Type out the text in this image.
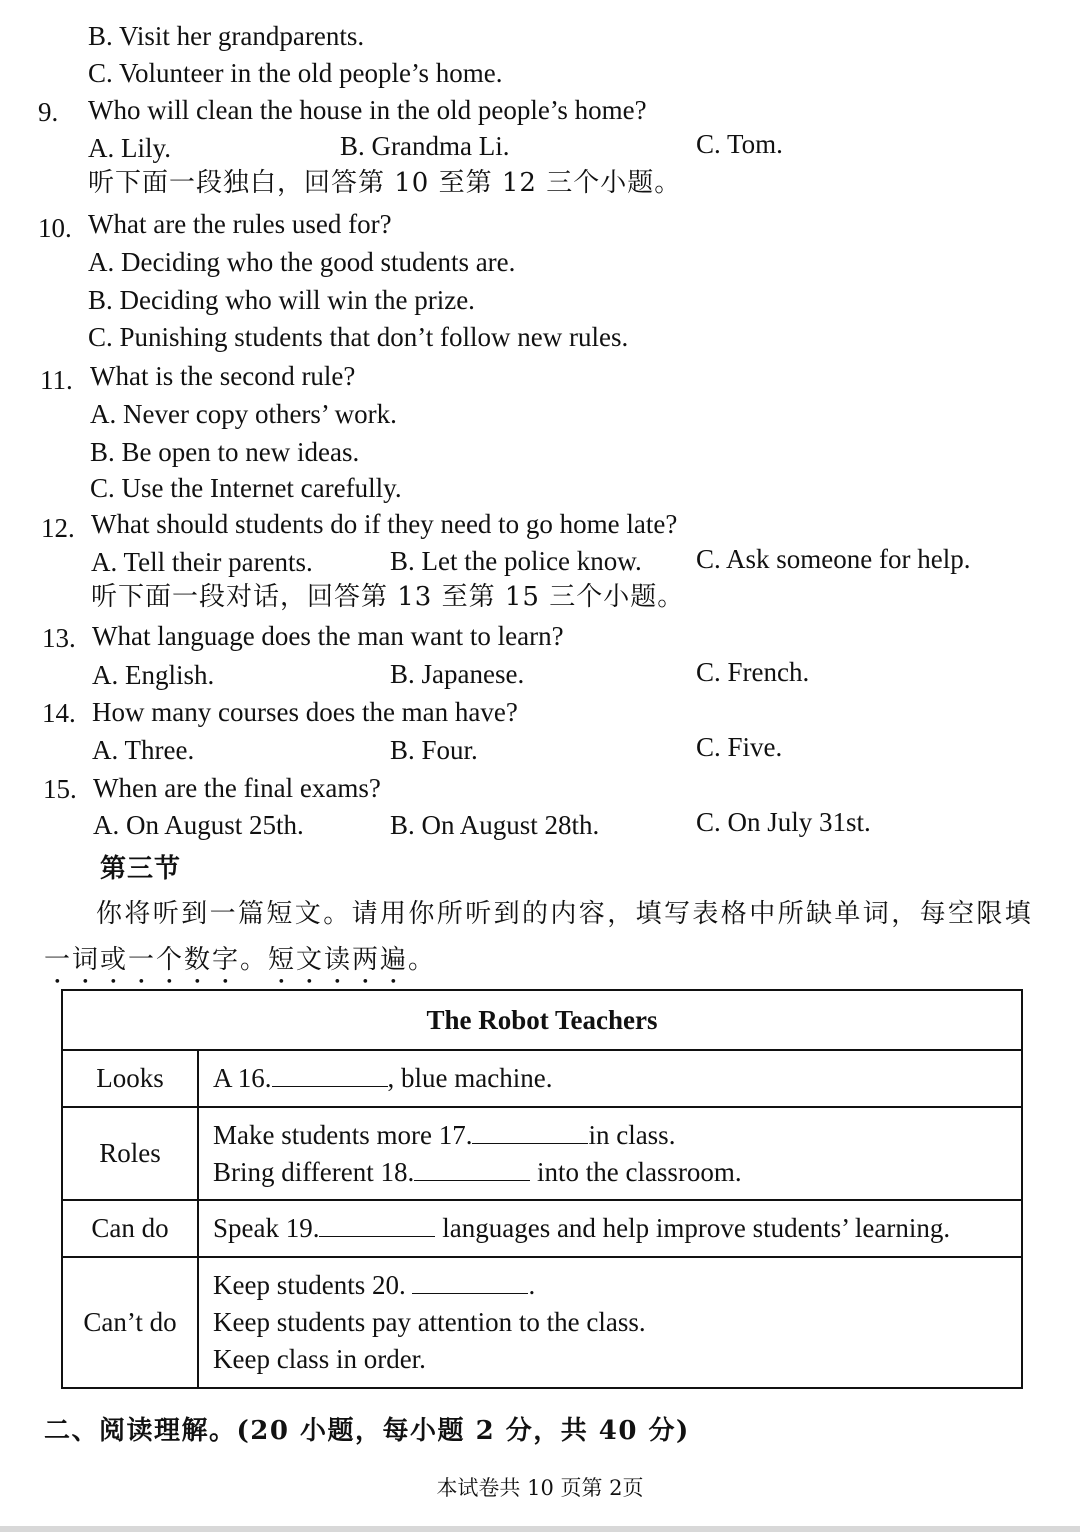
B. Visit her grandparents.
C. Volunteer in the old people’s home.
9. Who will clean the house in the old people’s home?
A. Lily.	B. Grandma Li.	C. Tom.
听下面一段独白，回答第 10 至第 12 三个小题。
10. What are the rules used for?
A. Deciding who the good students are.
B. Deciding who will win the prize.
C. Punishing students that don’t follow new rules.
11. What is the second rule?
A. Never copy others’ work.
B. Be open to new ideas.
C. Use the Internet carefully.
12. What should students do if they need to go home late?
A. Tell their parents.	B. Let the police know. C. Ask someone for help.
听下面一段对话，回答第 13 至第 15 三个小题。
13. What language does the man want to learn?
A. English.	B. Japanese.	C. French.
14. How many courses does the man have?
A. Three.	B. Four.	C. Five.
15. When are the final exams?
A. On August 25th.	B. On August 28th.	C. On July 31st.
第三节
你将听到一篇短文。请用你所听到的内容，填写表格中所缺单词，每空限填
一词或一个数字。短文读两遍。
The Robot Teachers	
Looks	A 16. , blue machine.

Roles	Make students more 17. in class.
Bring different 18. into the classroom.

Can do	Speak 19. languages and help improve students’ learning.

Can’t do	Keep students 20. .
Keep students pay attention to the class.
Keep class in order.
二、阅读理解。(20 小题，每小题 2 分，共 40 分)
本试卷共 10 页第 2页
